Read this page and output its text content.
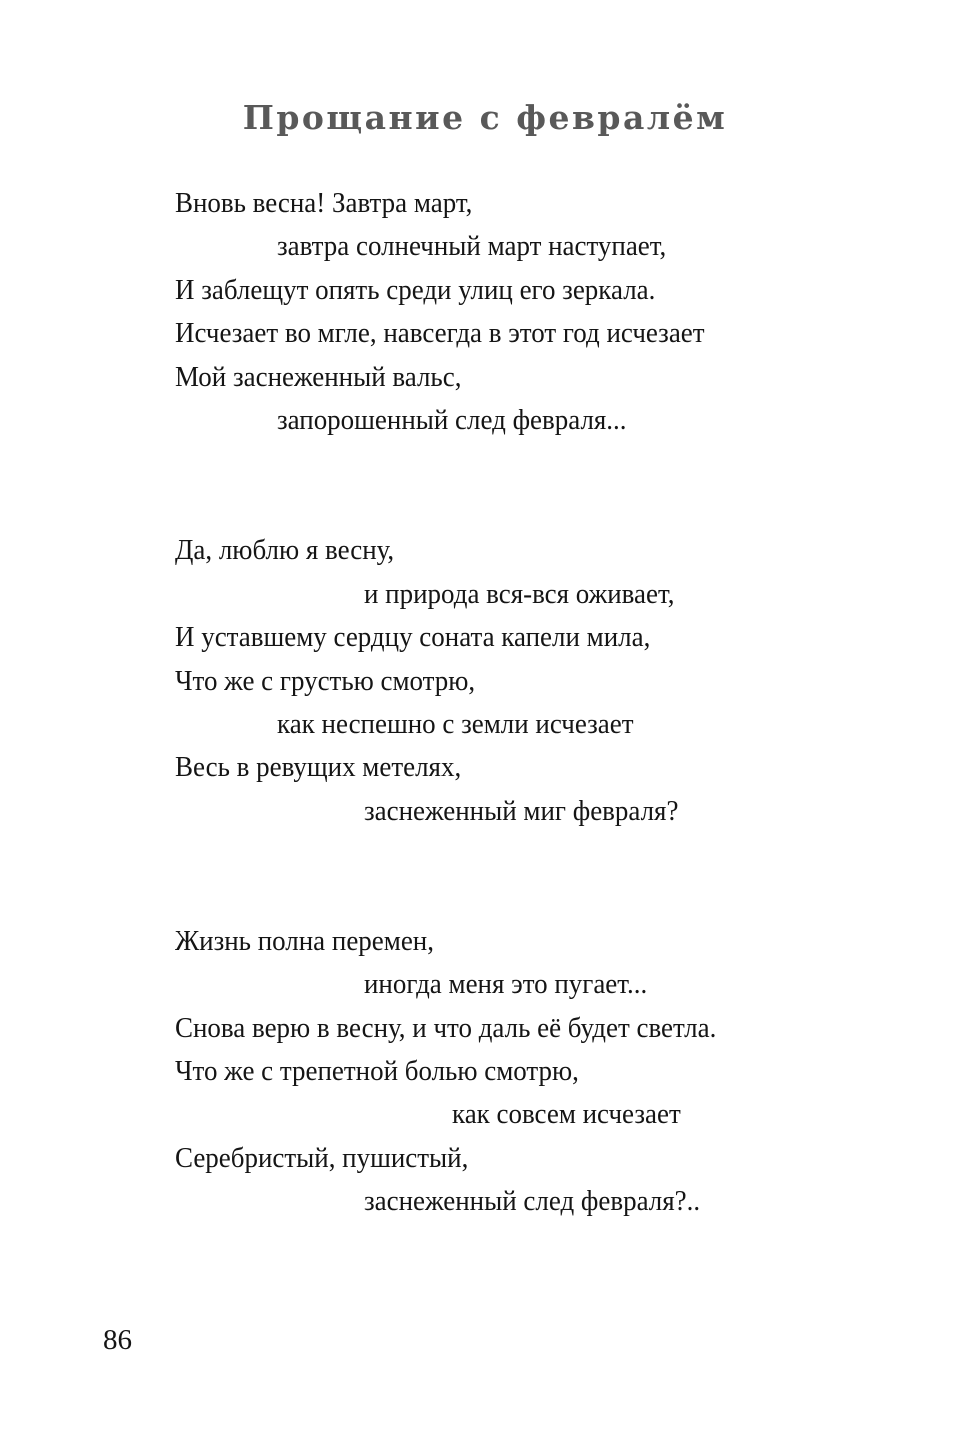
Прощание с февралём
Вновь весна! Завтра март,
завтра солнечный март наступает,
И заблещут опять среди улиц его зеркала.
Исчезает во мгле, навсегда в этот год исчезает
Мой заснеженный вальс,
запорошенный след февраля...
Да, люблю я весну,
и природа вся-вся оживает,
И уставшему сердцу соната капели мила,
Что же с грустью смотрю,
как неспешно с земли исчезает
Весь в ревущих метелях,
заснеженный миг февраля?
Жизнь полна перемен,
иногда меня это пугает...
Снова верю в весну, и что даль её будет светла.
Что же с трепетной болью смотрю,
как совсем исчезает
Серебристый, пушистый,
заснеженный след февраля?..
86
